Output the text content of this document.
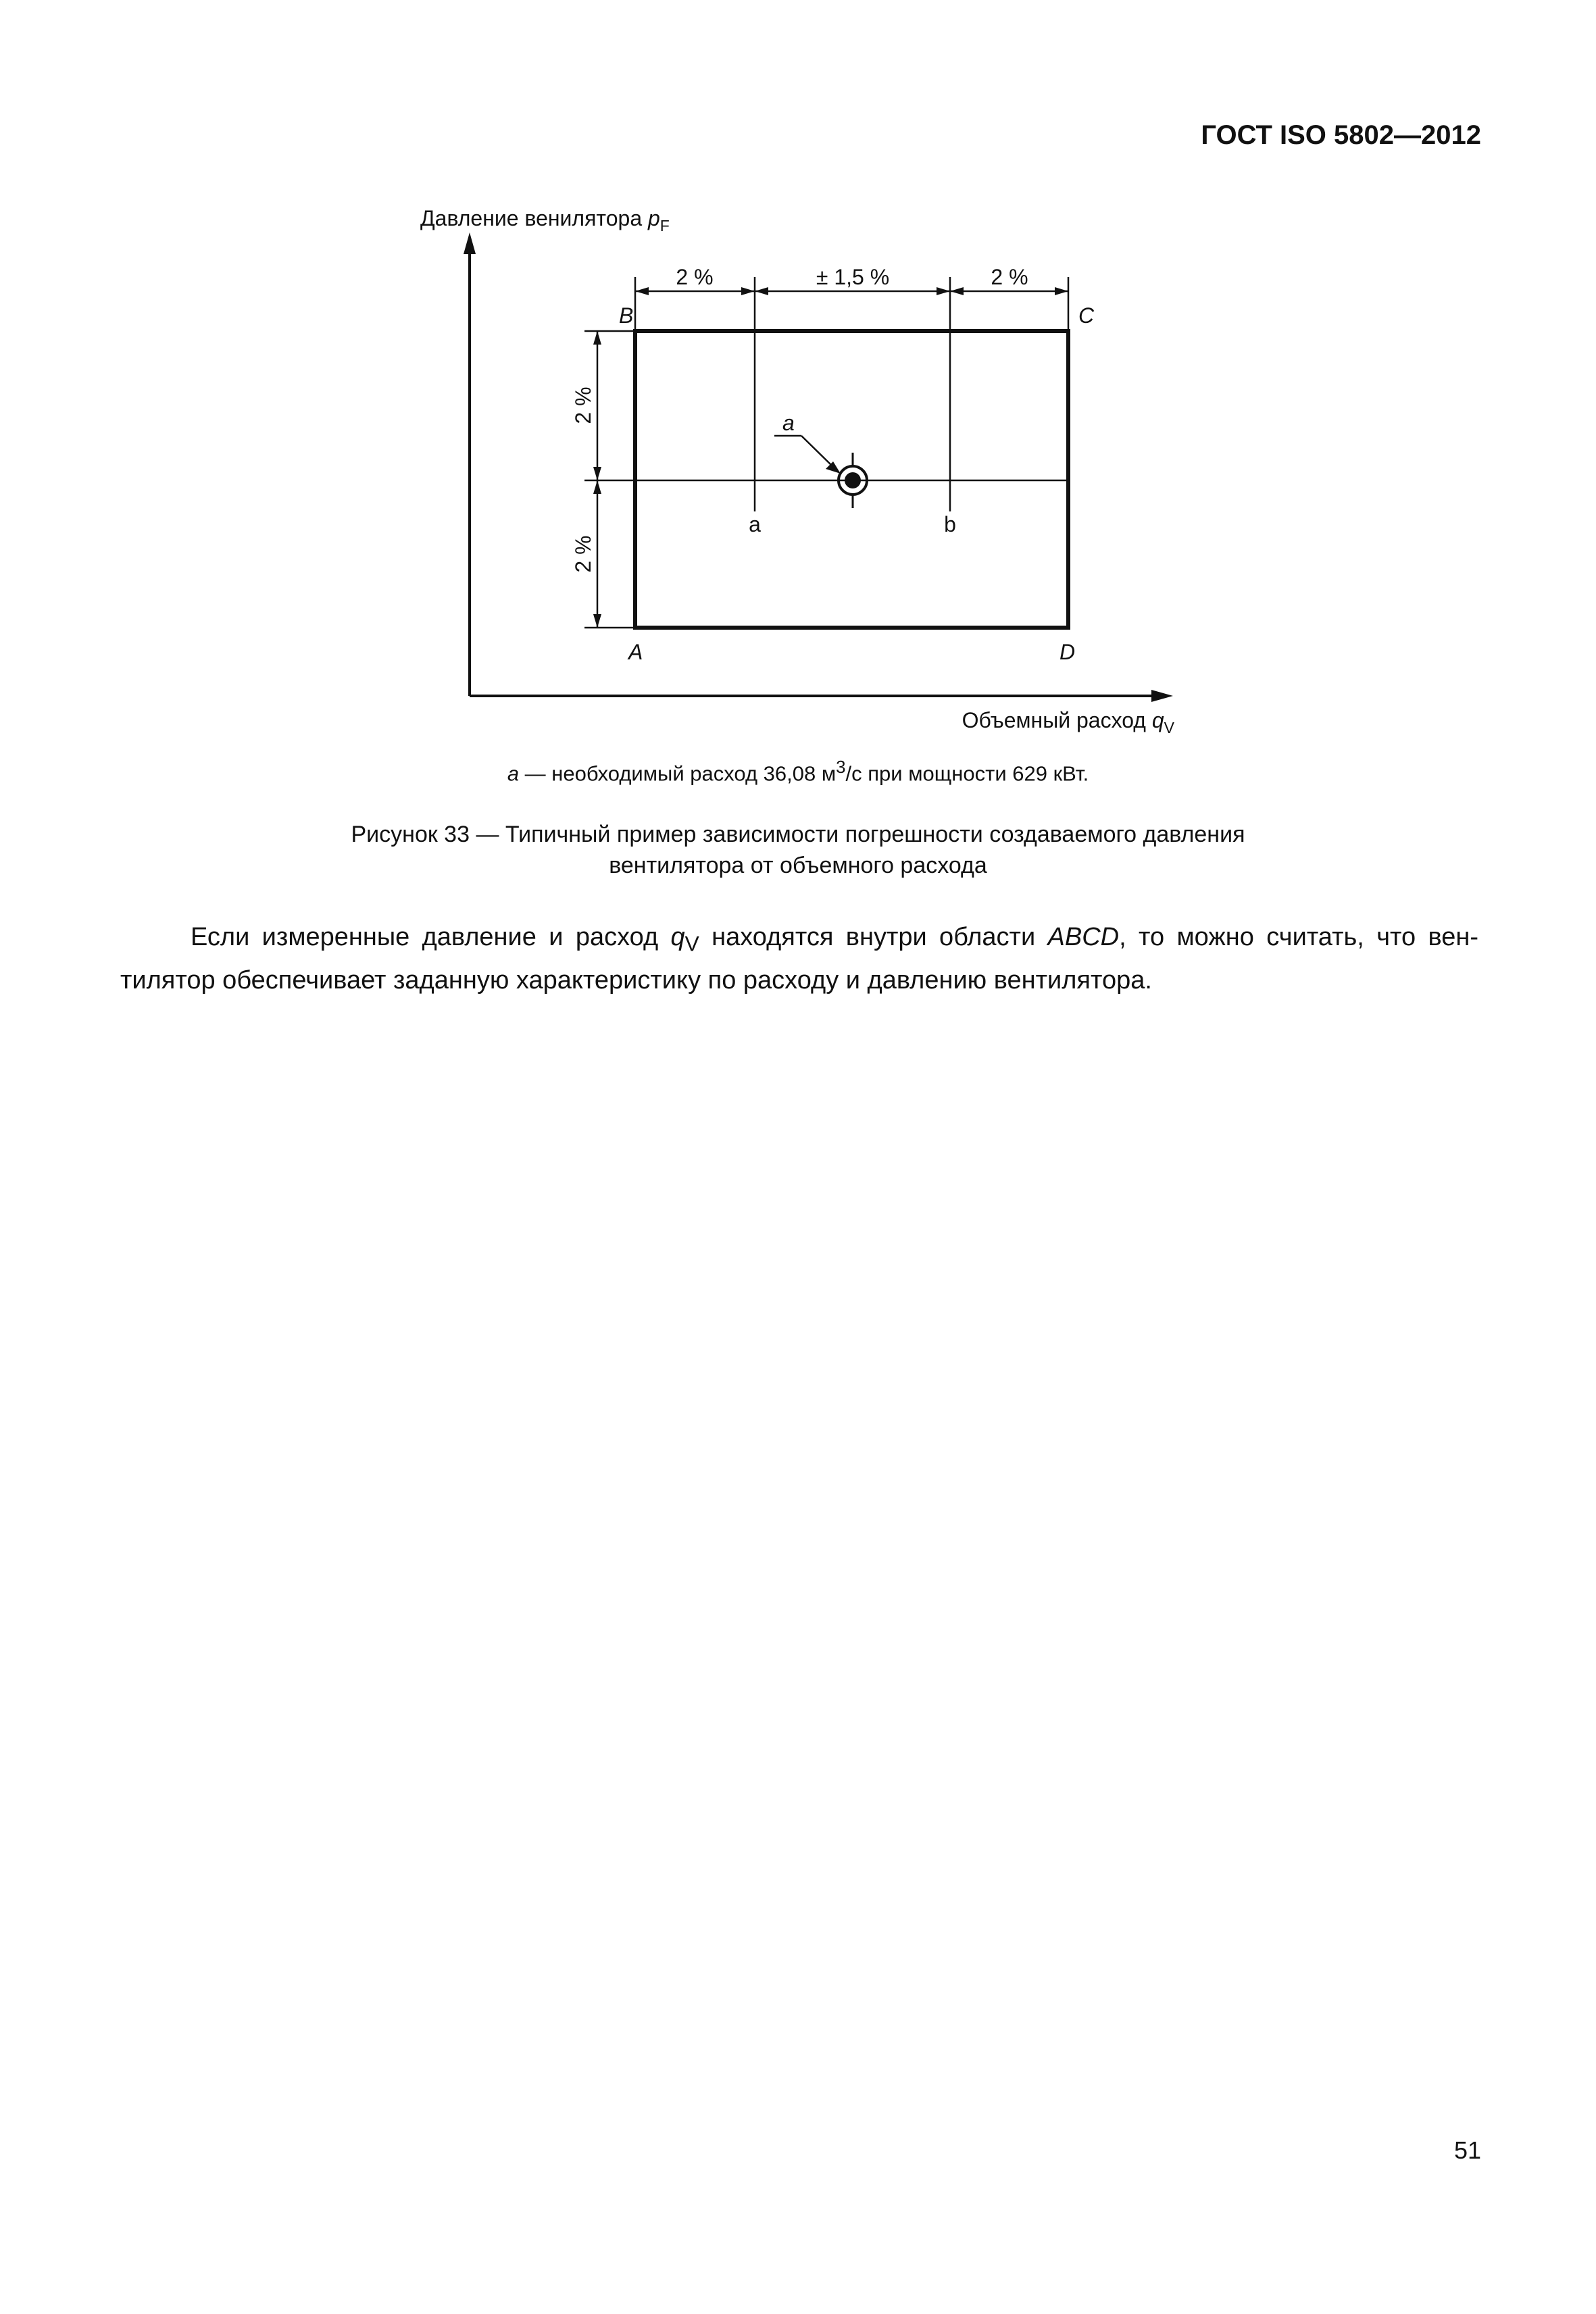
ГОСТ ISO 5802—2012
Давление венилятора $p_F$
Объемный расход $q_V$
2 %	± 1,5 %	2 %
2 %
2 %
B	C
A	D
a
a	b
a — необходимый расход 36,08 $м^3/с$ при мощности 629 кВт.
Рисунок 33 — Типичный пример зависимости погрешности создаваемого давления
вентилятора от объемного расхода
Если измеренные давление и расход $q_V$ находятся внутри области ABCD, то можно считать, что вен-
тилятор обеспечивает заданную характеристику по расходу и давлению вентилятора.
51
